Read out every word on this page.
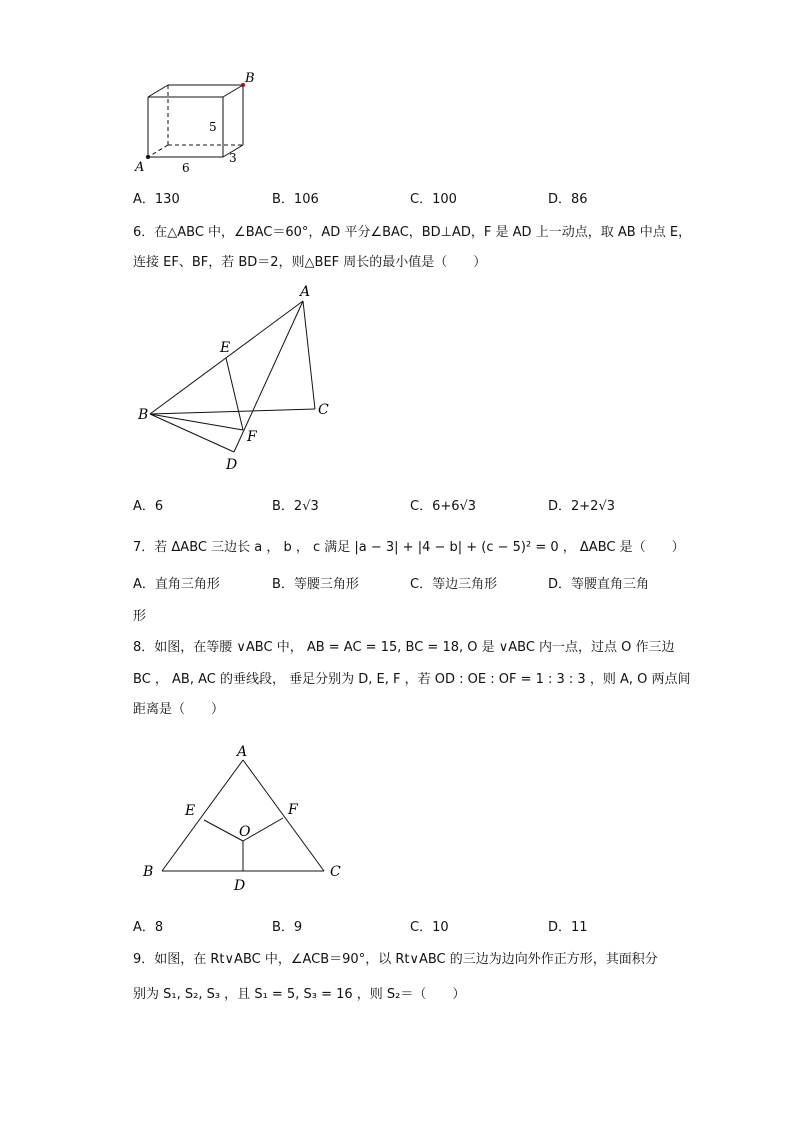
A
B
5
6
3
A．130	B．106	C．100	D．86
6．在△ABC 中，∠BAC＝60°，AD 平分∠BAC，BD⊥AD，F 是 AD 上一动点，取 AB 中点 E，
连接 EF、BF，若 BD＝2，则△BEF 周长的最小值是（　　）
A
B	C
D
E
F
A．6	B．2√3	C．6+6√3	D．2+2√3
7．若 ΔABC 三边长 a ， b ， c 满足 |a − 3| + |4 − b| + (c − 5)² = 0 ， ΔABC 是（　　）
A．直角三角形	B．等腰三角形	C．等边三角形	D．等腰直角三角
形
8．如图，在等腰 ∨ABC 中， AB = AC = 15, BC = 18, O 是 ∨ABC 内一点，过点 O 作三边
BC ， AB, AC 的垂线段， 垂足分别为 D, E, F ，若 OD : OE : OF = 1 : 3 : 3 ，则 A, O 两点间
距离是（　　）
A
B	C
D
E	F
O
A．8	B．9	C．10	D．11
9．如图，在 Rt∨ABC 中，∠ACB＝90°，以 Rt∨ABC 的三边为边向外作正方形，其面积分
别为 S₁, S₂, S₃ ，且 S₁ = 5, S₃ = 16 ，则 S₂＝（　　）
